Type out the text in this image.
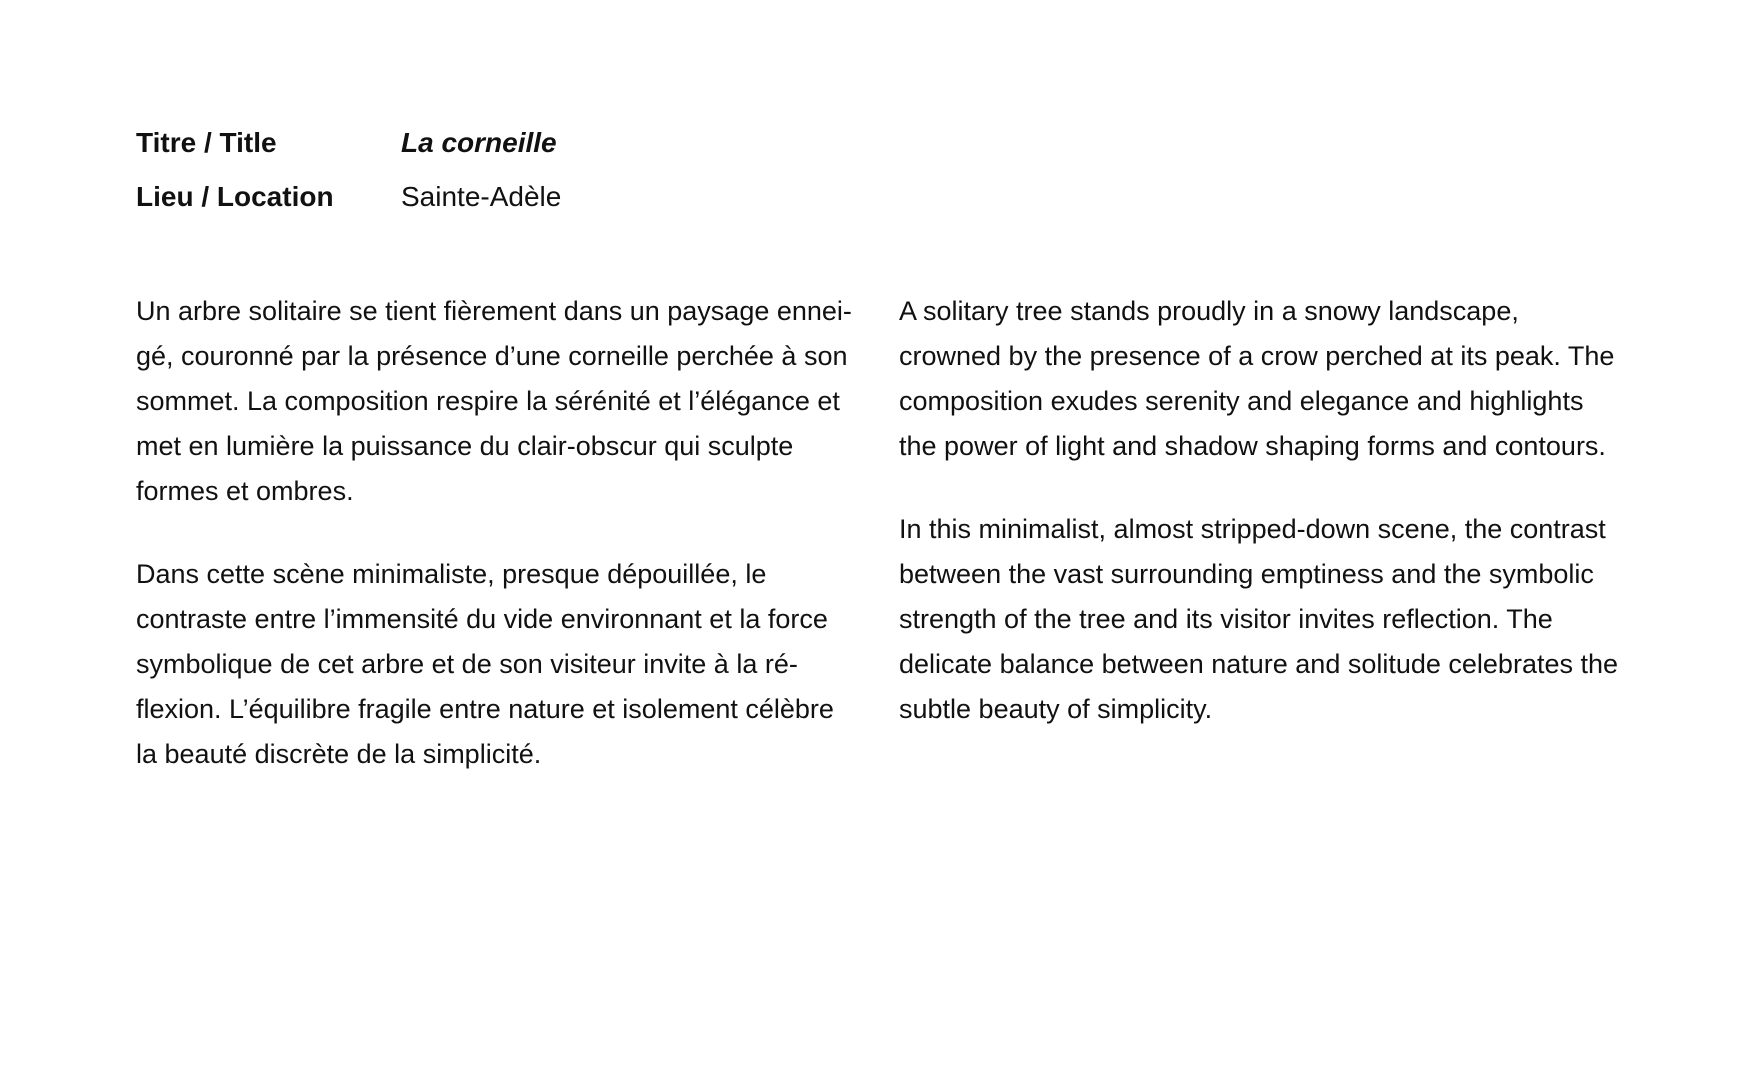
Titre / Title	La corneille
Lieu / Location	Sainte-Adèle

Un arbre solitaire se tient fièrement dans un paysage enneigé, couronné par la présence d’une corneille perchée à son sommet. La composition respire la sérénité et l’élégance et met en lumière la puissance du clair-obscur qui sculpte formes et ombres.

Dans cette scène minimaliste, presque dépouillée, le contraste entre l’immensité du vide environnant et la force symbolique de cet arbre et de son visiteur invite à la réflexion. L’équilibre fragile entre nature et isolement célèbre la beauté discrète de la simplicité.

A solitary tree stands proudly in a snowy landscape, crowned by the presence of a crow perched at its peak. The composition exudes serenity and elegance and highlights the power of light and shadow shaping forms and contours.

In this minimalist, almost stripped-down scene, the contrast between the vast surrounding emptiness and the symbolic strength of the tree and its visitor invites reflection. The delicate balance between nature and solitude celebrates the subtle beauty of simplicity.
